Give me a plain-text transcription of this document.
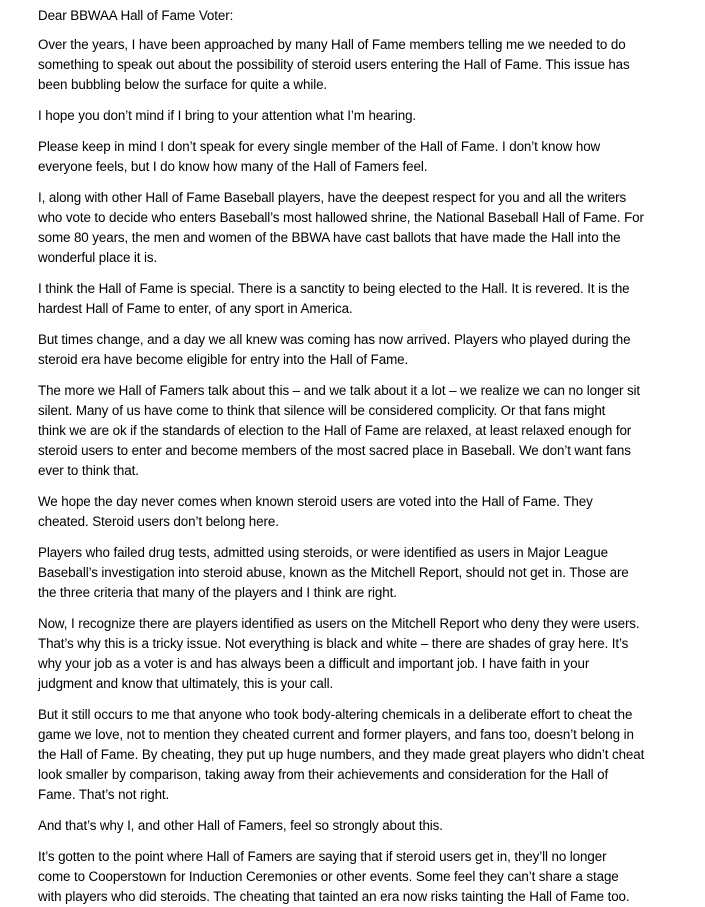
Dear BBWAA Hall of Fame Voter:

Over the years, I have been approached by many Hall of Fame members telling me we needed to do
something to speak out about the possibility of steroid users entering the Hall of Fame. This issue has
been bubbling below the surface for quite a while.

I hope you don’t mind if I bring to your attention what I’m hearing.

Please keep in mind I don’t speak for every single member of the Hall of Fame. I don’t know how
everyone feels, but I do know how many of the Hall of Famers feel.

I, along with other Hall of Fame Baseball players, have the deepest respect for you and all the writers
who vote to decide who enters Baseball’s most hallowed shrine, the National Baseball Hall of Fame. For
some 80 years, the men and women of the BBWA have cast ballots that have made the Hall into the
wonderful place it is.

I think the Hall of Fame is special. There is a sanctity to being elected to the Hall. It is revered. It is the
hardest Hall of Fame to enter, of any sport in America.

But times change, and a day we all knew was coming has now arrived. Players who played during the
steroid era have become eligible for entry into the Hall of Fame.

The more we Hall of Famers talk about this – and we talk about it a lot – we realize we can no longer sit
silent. Many of us have come to think that silence will be considered complicity. Or that fans might
think we are ok if the standards of election to the Hall of Fame are relaxed, at least relaxed enough for
steroid users to enter and become members of the most sacred place in Baseball. We don’t want fans
ever to think that.

We hope the day never comes when known steroid users are voted into the Hall of Fame. They
cheated. Steroid users don’t belong here.

Players who failed drug tests, admitted using steroids, or were identified as users in Major League
Baseball’s investigation into steroid abuse, known as the Mitchell Report, should not get in. Those are
the three criteria that many of the players and I think are right.

Now, I recognize there are players identified as users on the Mitchell Report who deny they were users.
That’s why this is a tricky issue. Not everything is black and white – there are shades of gray here. It’s
why your job as a voter is and has always been a difficult and important job. I have faith in your
judgment and know that ultimately, this is your call.

But it still occurs to me that anyone who took body-altering chemicals in a deliberate effort to cheat the
game we love, not to mention they cheated current and former players, and fans too, doesn’t belong in
the Hall of Fame. By cheating, they put up huge numbers, and they made great players who didn’t cheat
look smaller by comparison, taking away from their achievements and consideration for the Hall of
Fame. That’s not right.

And that’s why I, and other Hall of Famers, feel so strongly about this.

It’s gotten to the point where Hall of Famers are saying that if steroid users get in, they’ll no longer
come to Cooperstown for Induction Ceremonies or other events. Some feel they can’t share a stage
with players who did steroids. The cheating that tainted an era now risks tainting the Hall of Fame too.
